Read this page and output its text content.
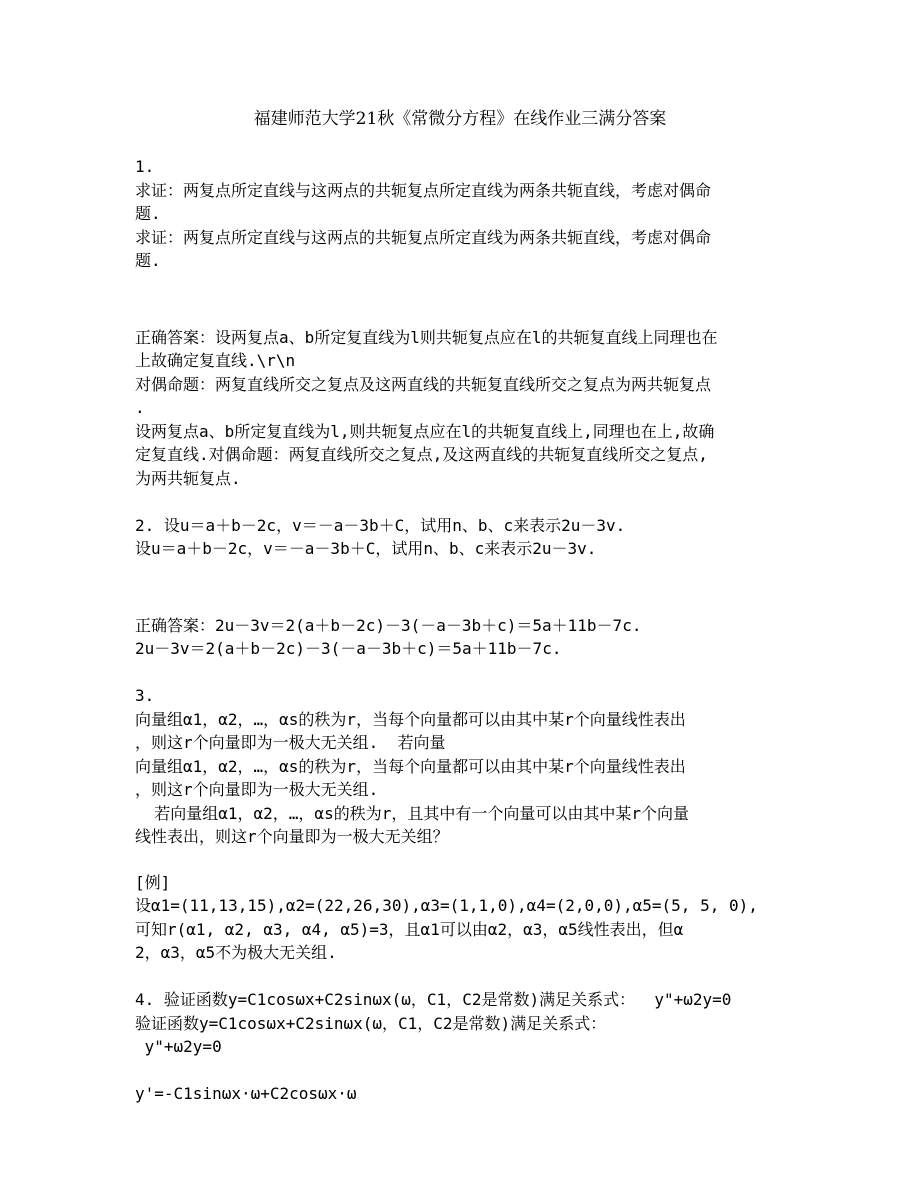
福建师范大学21秋《常微分方程》在线作业三满分答案
1.
求证：两复点所定直线与这两点的共轭复点所定直线为两条共轭直线，考虑对偶命
题.
求证：两复点所定直线与这两点的共轭复点所定直线为两条共轭直线，考虑对偶命
题.
正确答案：设两复点a、b所定复直线为l则共轭复点应在l的共轭复直线上同理也在
上故确定复直线.\r\n
对偶命题：两复直线所交之复点及这两直线的共轭复直线所交之复点为两共轭复点
.
设两复点a、b所定复直线为l,则共轭复点应在l的共轭复直线上,同理也在上,故确
定复直线.对偶命题：两复直线所交之复点,及这两直线的共轭复直线所交之复点,
为两共轭复点.
2. 设u＝a＋b－2c，v＝－a－3b＋C，试用n、b、c来表示2u－3v.
设u＝a＋b－2c，v＝－a－3b＋C，试用n、b、c来表示2u－3v.
正确答案：2u－3v＝2(a＋b－2c)－3(－a－3b＋c)＝5a＋11b－7c.
2u－3v＝2(a＋b－2c)－3(－a－3b＋c)＝5a＋11b－7c.
3.
向量组α1，α2，…，αs的秩为r，当每个向量都可以由其中某r个向量线性表出
，则这r个向量即为一极大无关组.  若向量
向量组α1，α2，…，αs的秩为r，当每个向量都可以由其中某r个向量线性表出
，则这r个向量即为一极大无关组.
若向量组α1，α2，…，αs的秩为r，且其中有一个向量可以由其中某r个向量
线性表出，则这r个向量即为一极大无关组？
[例]
设α1=(11,13,15),α2=(22,26,30),α3=(1,1,0),α4=(2,0,0),α5=(5, 5, 0),
可知r(α1, α2, α3, α4, α5)=3，且α1可以由α2，α3，α5线性表出，但α
2，α3，α5不为极大无关组.
4. 验证函数y=C1cosωx+C2sinωx(ω，C1，C2是常数)满足关系式：  y"+ω2y=0
验证函数y=C1cosωx+C2sinωx(ω，C1，C2是常数)满足关系式：
y"+ω2y=0
y'=-C1sinωx·ω+C2cosωx·ω
